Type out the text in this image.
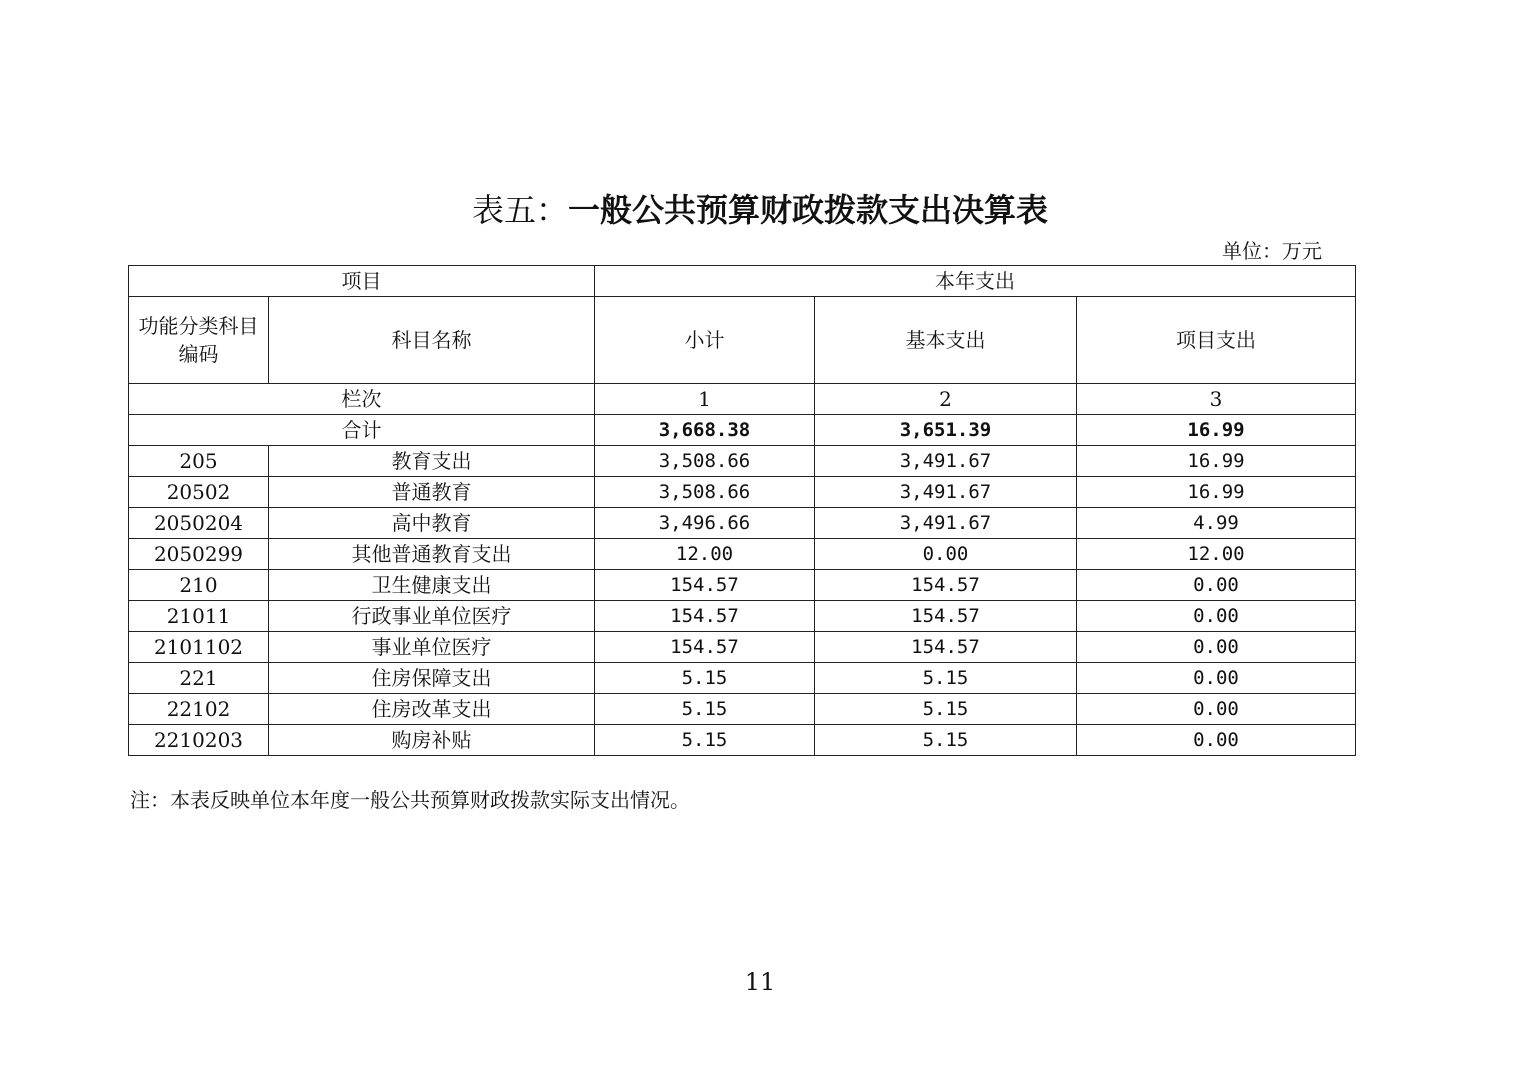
表五：一般公共预算财政拨款支出决算表
单位：万元
项目		本年支出		
功能分类科目编码	科目名称	小计	基本支出	项目支出
栏次		1	2	3
合计		3,668.38	3,651.39	16.99
205	教育支出	3,508.66	3,491.67	16.99
20502	普通教育	3,508.66	3,491.67	16.99
2050204	高中教育	3,496.66	3,491.67	4.99
2050299	其他普通教育支出	12.00	0.00	12.00
210	卫生健康支出	154.57	154.57	0.00
21011	行政事业单位医疗	154.57	154.57	0.00
2101102	事业单位医疗	154.57	154.57	0.00
221	住房保障支出	5.15	5.15	0.00
22102	住房改革支出	5.15	5.15	0.00
2210203	购房补贴	5.15	5.15	0.00
注：本表反映单位本年度一般公共预算财政拨款实际支出情况。
11
